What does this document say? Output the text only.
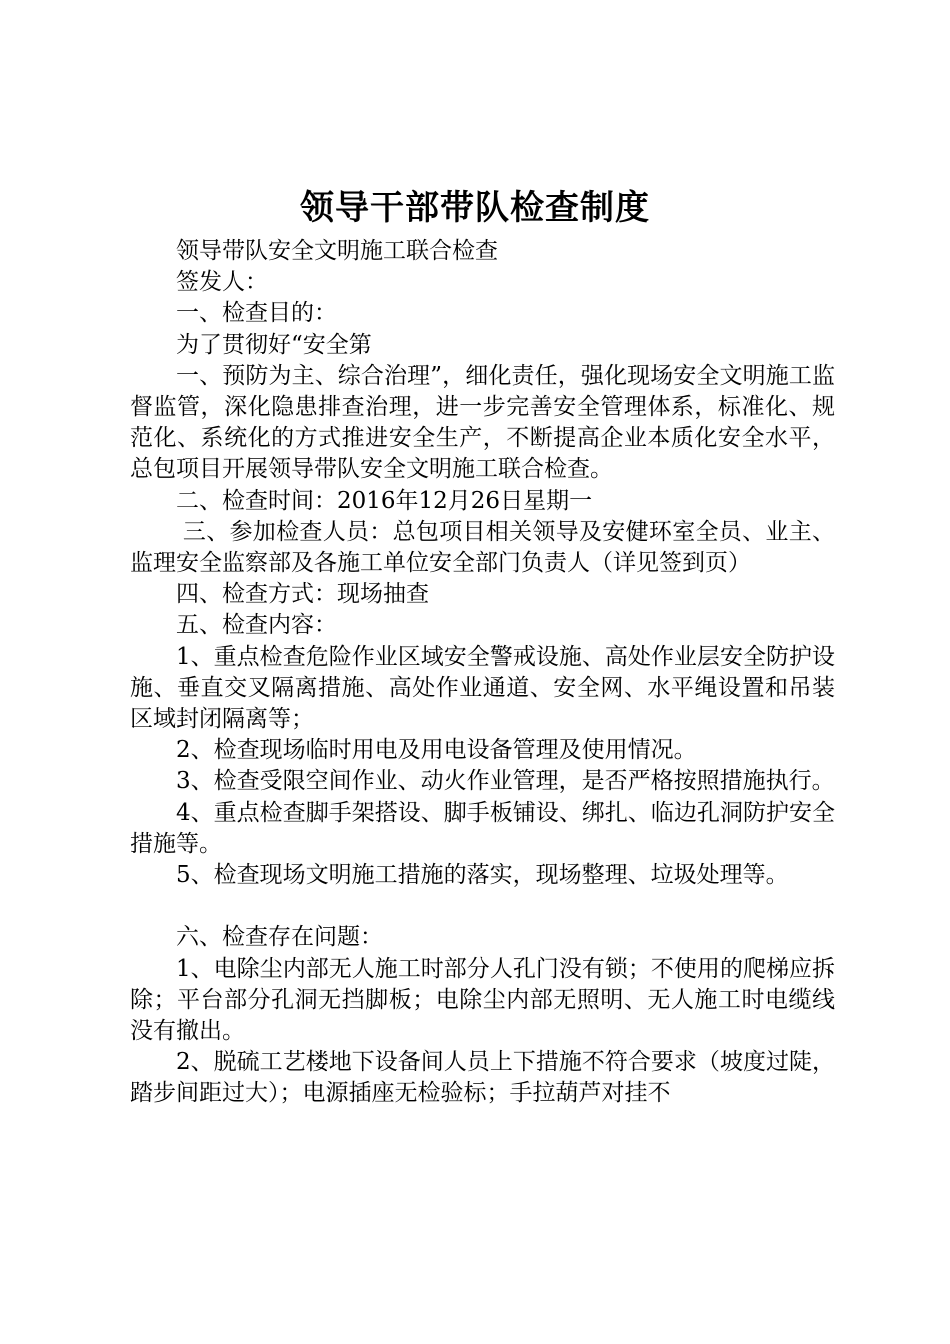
领导干部带队检查制度

领导带队安全文明施工联合检查

签发人：

一、检查目的：

为了贯彻好“安全第

一、预防为主、综合治理”，细化责任，强化现场安全文明施工监督监管，深化隐患排查治理，进一步完善安全管理体系，标准化、规范化、系统化的方式推进安全生产，不断提高企业本质化安全水平，总包项目开展领导带队安全文明施工联合检查。

二、检查时间：2016年12月26日星期一

三、参加检查人员：总包项目相关领导及安健环室全员、业主、监理安全监察部及各施工单位安全部门负责人（详见签到页）

四、检查方式：现场抽查

五、检查内容：

1、重点检查危险作业区域安全警戒设施、高处作业层安全防护设施、垂直交叉隔离措施、高处作业通道、安全网、水平绳设置和吊装区域封闭隔离等；

2、检查现场临时用电及用电设备管理及使用情况。

3、检查受限空间作业、动火作业管理，是否严格按照措施执行。

4、重点检查脚手架搭设、脚手板铺设、绑扎、临边孔洞防护安全措施等。

5、检查现场文明施工措施的落实，现场整理、垃圾处理等。

六、检查存在问题：

1、电除尘内部无人施工时部分人孔门没有锁；不使用的爬梯应拆除；平台部分孔洞无挡脚板；电除尘内部无照明、无人施工时电缆线没有撤出。

2、脱硫工艺楼地下设备间人员上下措施不符合要求（坡度过陡，踏步间距过大）；电源插座无检验标；手拉葫芦对挂不
